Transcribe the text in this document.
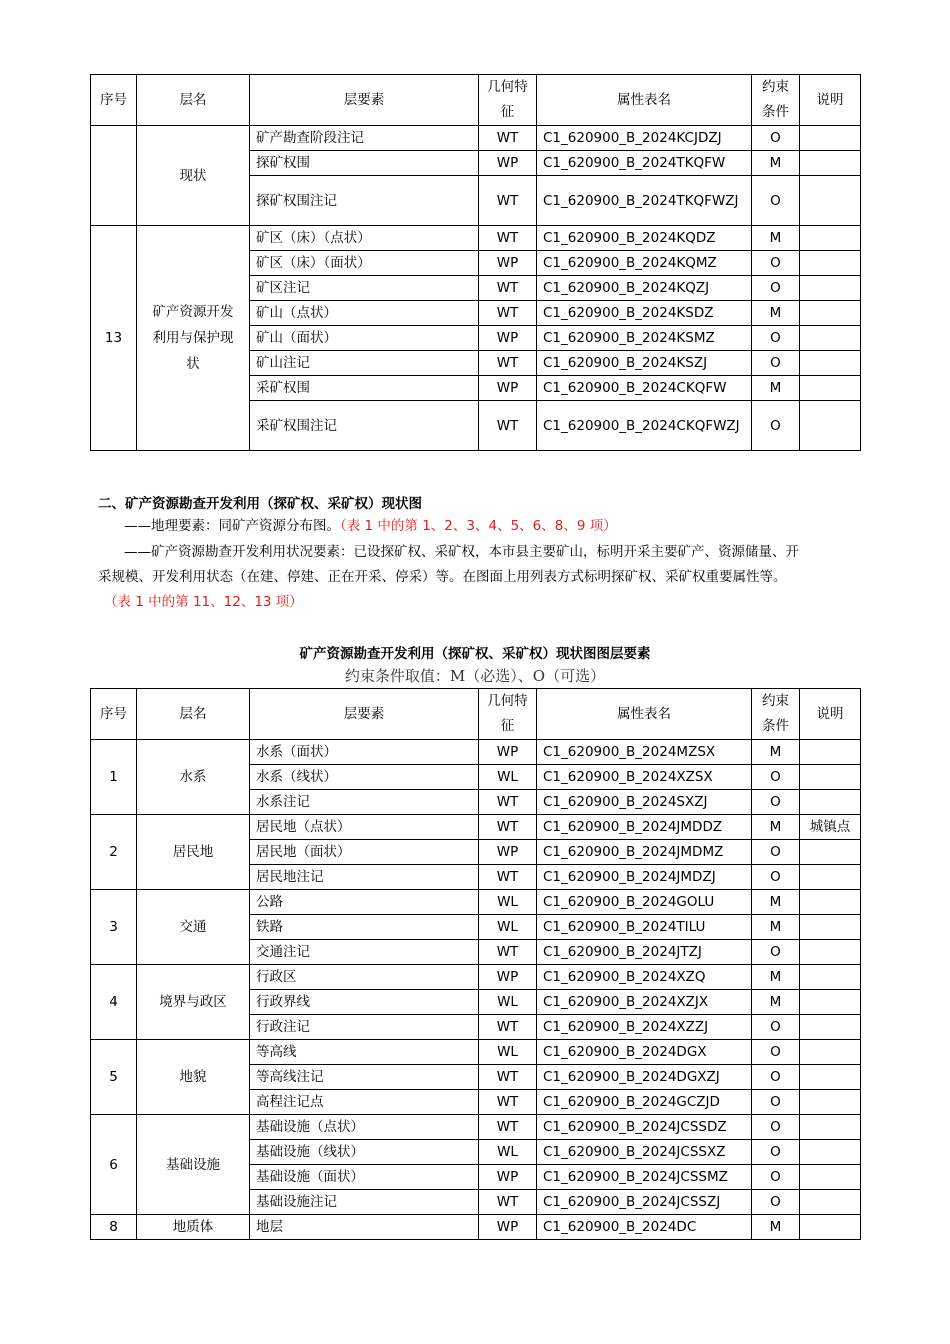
序号	层名	层要素	几何特征	属性表名	约束条件	说明
	现状	矿产勘查阶段注记	WT	C1_620900_B_2024KCJDZJ	O	
		探矿权围	WP	C1_620900_B_2024TKQFW	M	
		探矿权围注记	WT	C1_620900_B_2024TKQFWZJ	O	
13	矿产资源开发利用与保护现状	矿区（床）（点状）	WT	C1_620900_B_2024KQDZ	M	
		矿区（床）（面状）	WP	C1_620900_B_2024KQMZ	O	
		矿区注记	WT	C1_620900_B_2024KQZJ	O	
		矿山（点状）	WT	C1_620900_B_2024KSDZ	M	
		矿山（面状）	WP	C1_620900_B_2024KSMZ	O	
		矿山注记	WT	C1_620900_B_2024KSZJ	O	
		采矿权围	WP	C1_620900_B_2024CKQFW	M	
		采矿权围注记	WT	C1_620900_B_2024CKQFWZJ	O	
二、矿产资源勘查开发利用（探矿权、采矿权）现状图
——地理要素：同矿产资源分布图。（表 1 中的第 1、2、3、4、5、6、8、9 项）
——矿产资源勘查开发利用状况要素：已设探矿权、采矿权，本市县主要矿山，标明开采主要矿产、资源储量、开
采规模、开发利用状态（在建、停建、正在开采、停采）等。在图面上用列表方式标明探矿权、采矿权重要属性等。
（表 1 中的第 11、12、13 项）
矿产资源勘查开发利用（探矿权、采矿权）现状图图层要素
约束条件取值：M（必选）、O（可选）
序号	层名	层要素	几何特征	属性表名	约束条件	说明
1	水系	水系（面状）	WP	C1_620900_B_2024MZSX	M	
		水系（线状）	WL	C1_620900_B_2024XZSX	O	
		水系注记	WT	C1_620900_B_2024SXZJ	O	
2	居民地	居民地（点状）	WT	C1_620900_B_2024JMDDZ	M	城镇点
		居民地（面状）	WP	C1_620900_B_2024JMDMZ	O	
		居民地注记	WT	C1_620900_B_2024JMDZJ	O	
3	交通	公路	WL	C1_620900_B_2024GOLU	M	
		铁路	WL	C1_620900_B_2024TILU	M	
		交通注记	WT	C1_620900_B_2024JTZJ	O	
4	境界与政区	行政区	WP	C1_620900_B_2024XZQ	M	
		行政界线	WL	C1_620900_B_2024XZJX	M	
		行政注记	WT	C1_620900_B_2024XZZJ	O	
5	地貌	等高线	WL	C1_620900_B_2024DGX	O	
		等高线注记	WT	C1_620900_B_2024DGXZJ	O	
		高程注记点	WT	C1_620900_B_2024GCZJD	O	
6	基础设施	基础设施（点状）	WT	C1_620900_B_2024JCSSDZ	O	
		基础设施（线状）	WL	C1_620900_B_2024JCSSXZ	O	
		基础设施（面状）	WP	C1_620900_B_2024JCSSMZ	O	
		基础设施注记	WT	C1_620900_B_2024JCSSZJ	O	
8	地质体	地层	WP	C1_620900_B_2024DC	M	
